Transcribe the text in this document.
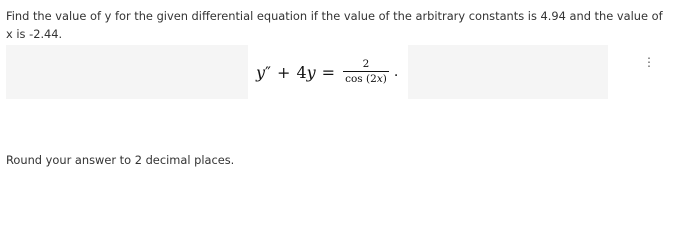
Find the value of y for the given differential equation if the value of the arbitrary constants is 4.94 and the value of x is -2.44.
y ″ + 4 $y = \frac{2}{\cos (2x)}$ .
⋮
Round your answer to 2 decimal places.
